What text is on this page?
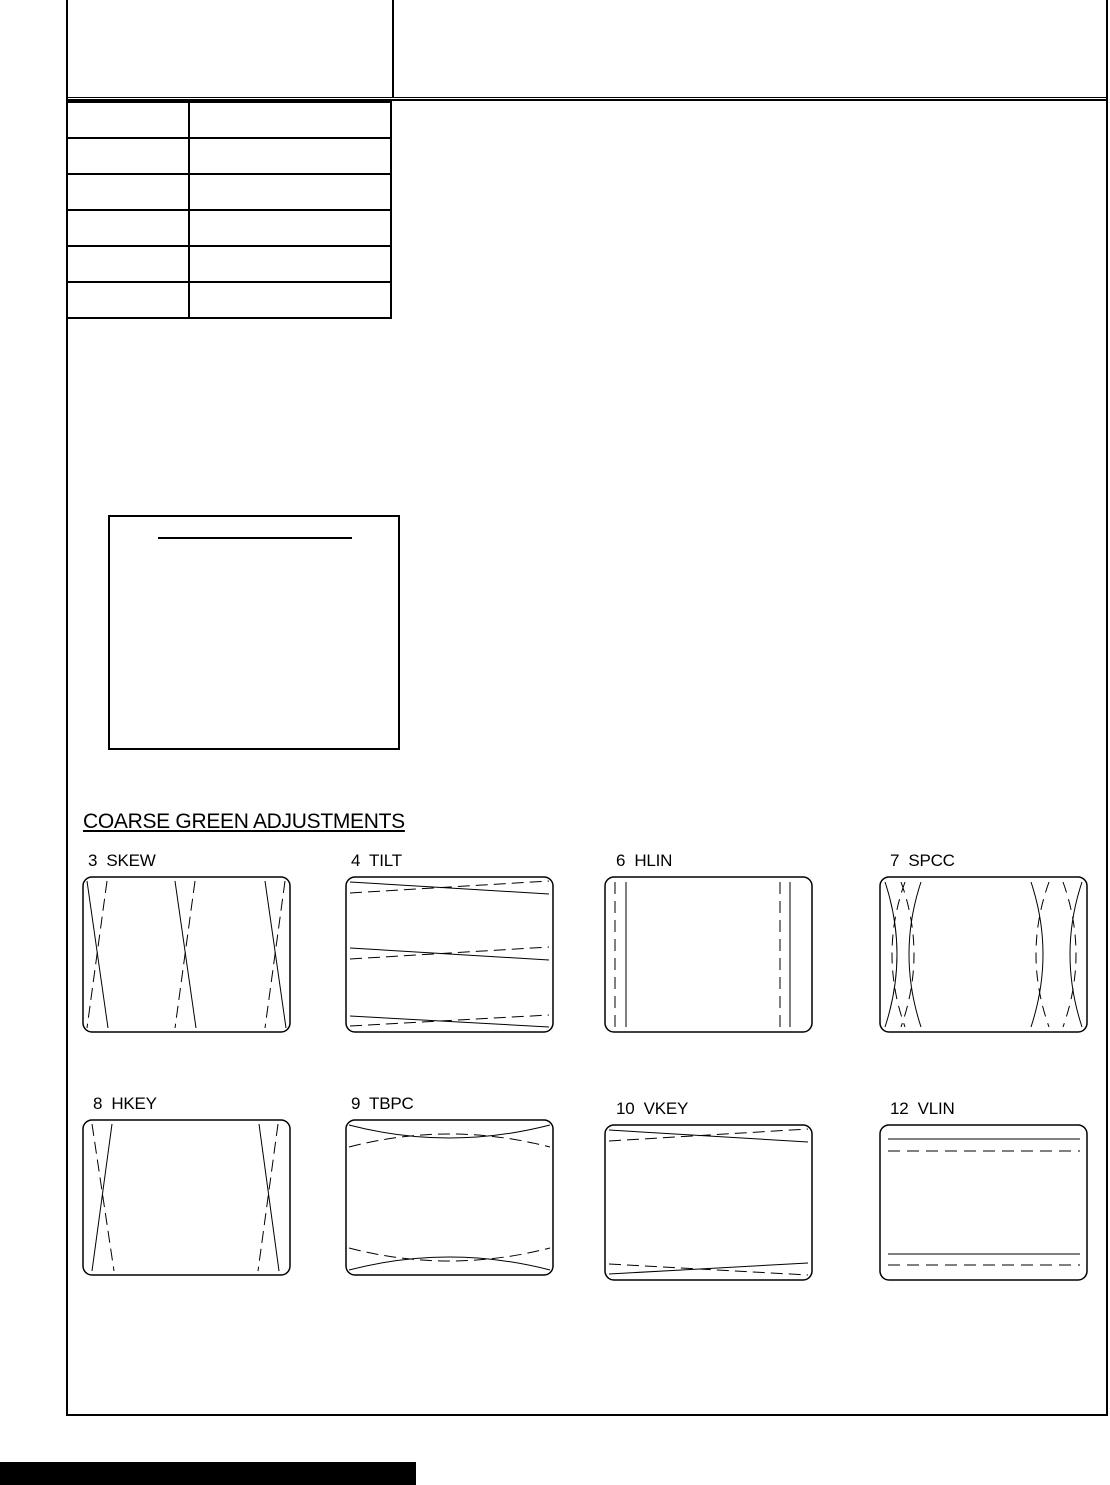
COARSE GREEN ADJUSTMENTS
3 SKEW	4 TILT	6 HLIN	7 SPCC
8 HKEY	9 TBPC	10 VKEY	12 VLIN
